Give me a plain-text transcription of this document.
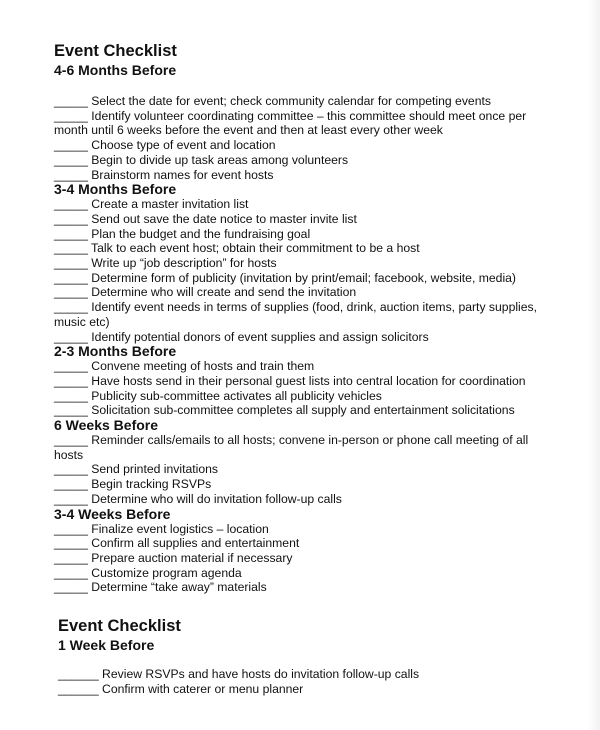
Event Checklist
4-6 Months Before
_____ Select the date for event; check community calendar for competing events
_____ Identify volunteer coordinating committee – this committee should meet once per month until 6 weeks before the event and then at least every other week
_____ Choose type of event and location
_____ Begin to divide up task areas among volunteers
_____ Brainstorm names for event hosts
3-4 Months Before
_____ Create a master invitation list
_____ Send out save the date notice to master invite list
_____ Plan the budget and the fundraising goal
_____ Talk to each event host; obtain their commitment to be a host
_____ Write up “job description” for hosts
_____ Determine form of publicity (invitation by print/email; facebook, website, media)
_____ Determine who will create and send the invitation
_____ Identify event needs in terms of supplies (food, drink, auction items, party supplies, music etc)
_____ Identify potential donors of event supplies and assign solicitors
2-3 Months Before
_____ Convene meeting of hosts and train them
_____ Have hosts send in their personal guest lists into central location for coordination
_____ Publicity sub-committee activates all publicity vehicles
_____ Solicitation sub-committee completes all supply and entertainment solicitations
6 Weeks Before
_____ Reminder calls/emails to all hosts; convene in-person or phone call meeting of all hosts
_____ Send printed invitations
_____ Begin tracking RSVPs
_____ Determine who will do invitation follow-up calls
3-4 Weeks Before
_____ Finalize event logistics – location
_____ Confirm all supplies and entertainment
_____ Prepare auction material if necessary
_____ Customize program agenda
_____ Determine “take away” materials
Event Checklist
1 Week Before
______ Review RSVPs and have hosts do invitation follow-up calls
______ Confirm with caterer or menu planner
